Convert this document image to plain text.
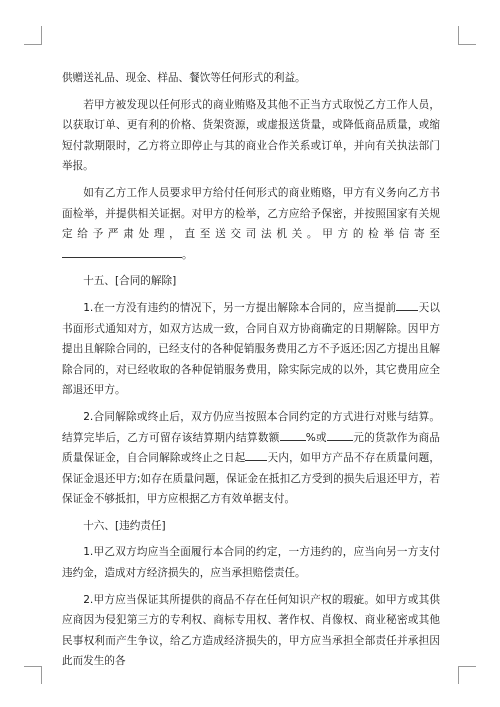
供赠送礼品、现金、样品、餐饮等任何形式的利益。

若甲方被发现以任何形式的商业贿赂及其他不正当方式取悦乙方工作人员，以获取订单、更有利的价格、货架资源，或虚报送货量，或降低商品质量，或缩短付款期限时，乙方将立即停止与其的商业合作关系或订单，并向有关执法部门举报。

如有乙方工作人员要求甲方给付任何形式的商业贿赂，甲方有义务向乙方书面检举，并提供相关证据。对甲方的检举，乙方应给予保密，并按照国家有关规定给予严肃处理，直至送交司法机关。甲方的检举信寄至。

十五、[合同的解除]

1.在一方没有违约的情况下，另一方提出解除本合同的，应当提前 天以书面形式通知对方，如双方达成一致，合同自双方协商确定的日期解除。因甲方提出且解除合同的，已经支付的各种促销服务费用乙方不予返还;因乙方提出且解除合同的，对已经收取的各种促销服务费用，除实际完成的以外，其它费用应全部退还甲方。

2.合同解除或终止后，双方仍应当按照本合同约定的方式进行对账与结算。结算完毕后，乙方可留存该结算期内结算数额 %或 元的货款作为商品质量保证金，自合同解除或终止之日起 天内，如甲方产品不存在质量问题，保证金退还甲方;如存在质量问题，保证金在抵扣乙方受到的损失后退还甲方，若保证金不够抵扣，甲方应根据乙方有效单据支付。

十六、[违约责任]

1.甲乙双方均应当全面履行本合同的约定，一方违约的，应当向另一方支付违约金，造成对方经济损失的，应当承担赔偿责任。

2.甲方应当保证其所提供的商品不存在任何知识产权的瑕疵。如甲方或其供应商因为侵犯第三方的专利权、商标专用权、著作权、肖像权、商业秘密或其他民事权利而产生争议，给乙方造成经济损失的，甲方应当承担全部责任并承担因此而发生的各
